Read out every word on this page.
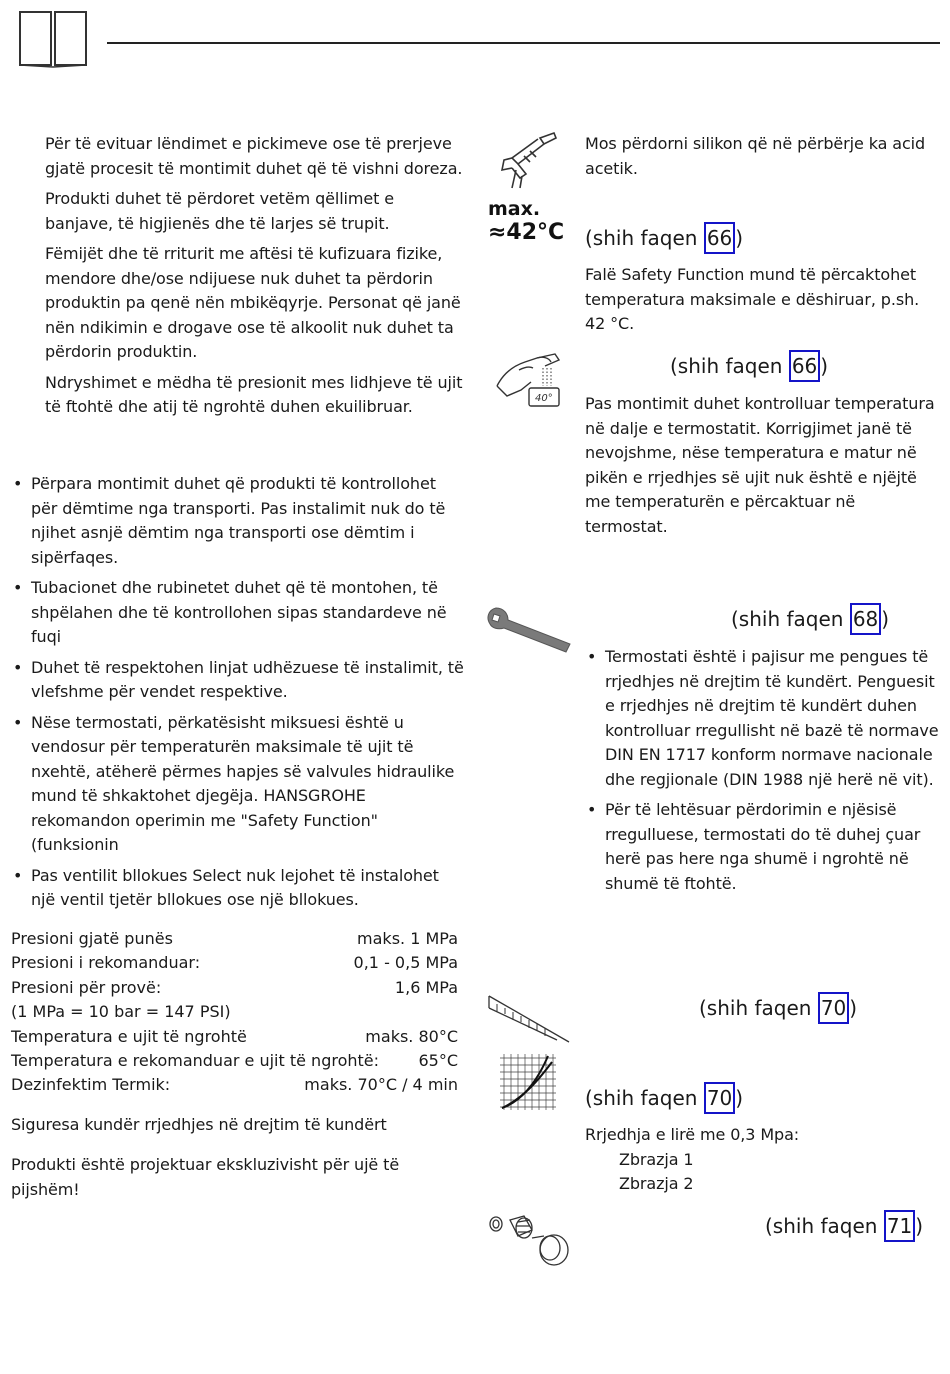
Për të evituar lëndimet e pickimeve ose të prerjeve gjatë procesit të montimit duhet që të vishni doreza.

Produkti duhet të përdoret vetëm qëllimet e banjave, të higjienës dhe të larjes së trupit.

Fëmijët dhe të rriturit me aftësi të kufizuara fizike, mendore dhe/ose ndijuese nuk duhet ta përdorin produktin pa qenë nën mbikëqyrje. Personat që janë nën ndikimin e drogave ose të alkoolit nuk duhet ta përdorin produktin.

Ndryshimet e mëdha të presionit mes lidhjeve të ujit të ftohtë dhe atij të ngrohtë duhen ekuilibruar.

• Përpara montimit duhet që produkti të kontrollohet për dëmtime nga transporti. Pas instalimit nuk do të njihet asnjë dëmtim nga transporti ose dëmtim i sipërfaqes.
• Tubacionet dhe rubinetet duhet që të montohen, të shpëlahen dhe të kontrollohen sipas standardeve në fuqi
• Duhet të respektohen linjat udhëzuese të instalimit, të vlefshme për vendet respektive.
• Nëse termostati, përkatësisht miksuesi është u vendosur për temperaturën maksimale të ujit të nxehtë, atëherë përmes hapjes së valvules hidraulike mund të shkaktohet djegëja. HANSGROHE rekomandon operimin me "Safety Function" (funksionin
• Pas ventilit bllokues Select nuk lejohet të instalohet një ventil tjetër bllokues ose një bllokues.
Presioni gjatë punës	maks. 1 MPa
Presioni i rekomanduar:	0,1 - 0,5 MPa
Presioni për provë:	1,6 MPa
(1 MPa = 10 bar = 147 PSI)
Temperatura e ujit të ngrohtë	maks. 80°C
Temperatura e rekomanduar e ujit të ngrohtë: 65°C
Dezinfektim Termik:	maks. 70°C / 4 min
Siguresa kundër rrjedhjes në drejtim të kundërt
Produkti është projektuar ekskluzivisht për ujë të pijshëm!
Mos përdorni silikon që në përbërje ka acid acetik.
max.
≈42°C (shih faqen 66 )
Falë Safety Function mund të përcaktohet temperatura maksimale e dëshiruar, p.sh. 42 °C.
40°
(shih faqen 66 )
Pas montimit duhet kontrolluar temperatura në dalje e termostatit. Korrigjimet janë të nevojshme, nëse temperatura e matur në pikën e rrjedhjes së ujit nuk është e njëjtë me temperaturën e përcaktuar në termostat.
(shih faqen 68 )
• Termostati është i pajisur me pengues të rrjedhjes në drejtim të kundërt. Penguesit e rrjedhjes në drejtim të kundërt duhen kontrolluar rregullisht në bazë të normave DIN EN 1717 konform normave nacionale dhe regjionale (DIN 1988 një herë në vit).
• Për të lehtësuar përdorimin e njësisë rregulluese, termostati do të duhej çuar herë pas here nga shumë i ngrohtë në shumë të ftohtë.
(shih faqen 70 )
(shih faqen 70 )
Rrjedhja e lirë me 0,3 Mpa:
Zbrazja 1
Zbrazja 2
(shih faqen 71 )
